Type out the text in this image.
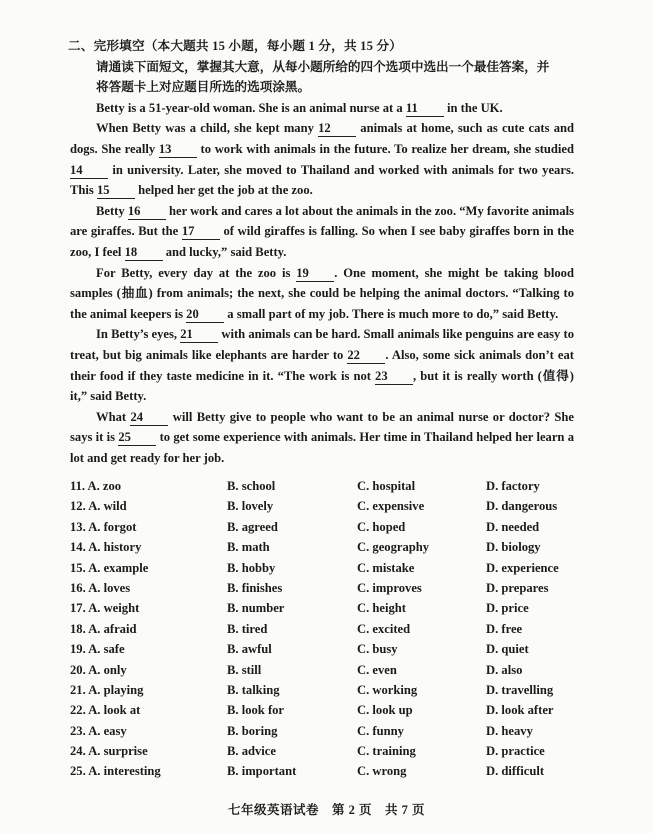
二、完形填空（本大题共 15 小题，每小题 1 分，共 15 分）
请通读下面短文，掌握其大意，从每小题所给的四个选项中选出一个最佳答案，并
将答题卡上对应题目所选的选项涂黑。
Betty is a 51-year-old woman. She is an animal nurse at a 11 in the UK.
When Betty was a child, she kept many 12 animals at home, such as cute cats and dogs. She really 13 to work with animals in the future. To realize her dream, she studied 14 in university. Later, she moved to Thailand and worked with animals for two years. This 15 helped her get the job at the zoo.
Betty 16 her work and cares a lot about the animals in the zoo. “My favorite animals are giraffes. But the 17 of wild giraffes is falling. So when I see baby giraffes born in the zoo, I feel 18 and lucky,” said Betty.
For Betty, every day at the zoo is 19 . One moment, she might be taking blood samples (抽血) from animals; the next, she could be helping the animal doctors. “Talking to the animal keepers is 20 a small part of my job. There is much more to do,” said Betty.
In Betty’s eyes, 21 with animals can be hard. Small animals like penguins are easy to treat, but big animals like elephants are harder to 22 . Also, some sick animals don’t eat their food if they taste medicine in it. “The work is not 23 , but it is really worth (值得) it,” said Betty.
What 24 will Betty give to people who want to be an animal nurse or doctor? She says it is 25 to get some experience with animals. Her time in Thailand helped her learn a lot and get ready for her job.
11. A. zoo	B. school	C. hospital	D. factory
12. A. wild	B. lovely	C. expensive	D. dangerous
13. A. forgot	B. agreed	C. hoped	D. needed
14. A. history	B. math	C. geography	D. biology
15. A. example	B. hobby	C. mistake	D. experience
16. A. loves	B. finishes	C. improves	D. prepares
17. A. weight	B. number	C. height	D. price
18. A. afraid	B. tired	C. excited	D. free
19. A. safe	B. awful	C. busy	D. quiet
20. A. only	B. still	C. even	D. also
21. A. playing	B. talking	C. working	D. travelling
22. A. look at	B. look for	C. look up	D. look after
23. A. easy	B. boring	C. funny	D. heavy
24. A. surprise	B. advice	C. training	D. practice
25. A. interesting	B. important	C. wrong	D. difficult
七年级英语试卷　第 2 页　共 7 页
